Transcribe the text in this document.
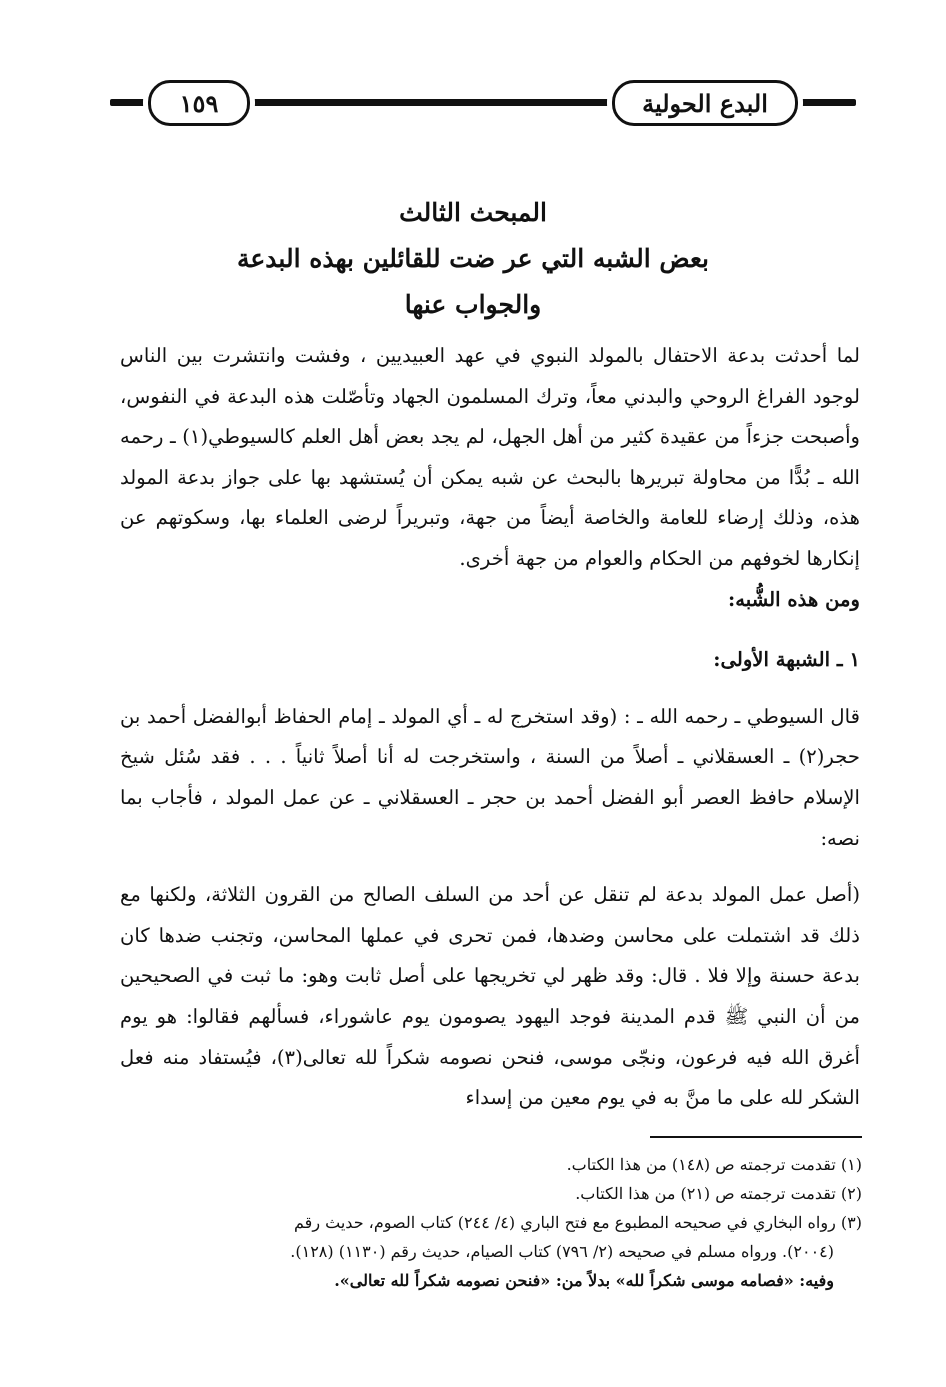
البدع الحولية
١٥٩
المبحث الثالث
بعض الشبه التي عر ضت للقائلين بهذه البدعة
والجواب عنها

لما أحدثت بدعة الاحتفال بالمولد النبوي في عهد العبيديين ، وفشت وانتشرت بين الناس لوجود الفراغ الروحي والبدني معاً، وترك المسلمون الجهاد وتأصّلت هذه البدعة في النفوس، وأصبحت جزءاً من عقيدة كثير من أهل الجهل، لم يجد بعض أهل العلم كالسيوطي(١) ـ رحمه الله ـ بُدًّا من محاولة تبريرها بالبحث عن شبه يمكن أن يُستشهد بها على جواز بدعة المولد هذه، وذلك إرضاء للعامة والخاصة أيضاً من جهة، وتبريراً لرضى العلماء بها، وسكوتهم عن إنكارها لخوفهم من الحكام والعوام من جهة أخرى.

ومن هذه الشُّبه:

١ ـ الشبهة الأولى:

قال السيوطي ـ رحمه الله ـ : (وقد استخرج له ـ أي المولد ـ إمام الحفاظ أبوالفضل أحمد بن حجر(٢) ـ العسقلاني ـ أصلاً من السنة ، واستخرجت له أنا أصلاً ثانياً . . . فقد سُئل شيخ الإسلام حافظ العصر أبو الفضل أحمد بن حجر ـ العسقلاني ـ عن عمل المولد ، فأجاب بما نصه:

(أصل عمل المولد بدعة لم تنقل عن أحد من السلف الصالح من القرون الثلاثة، ولكنها مع ذلك قد اشتملت على محاسن وضدها، فمن تحرى في عملها المحاسن، وتجنب ضدها كان بدعة حسنة وإلا فلا . قال: وقد ظهر لي تخريجها على أصل ثابت وهو: ما ثبت في الصحيحين من أن النبي ﷺ قدم المدينة فوجد اليهود يصومون يوم عاشوراء، فسألهم فقالوا: هو يوم أغرق الله فيه فرعون، ونجّى موسى، فنحن نصومه شكراً لله تعالى(٣)، فيُستفاد منه فعل الشكر لله على ما منَّ به في يوم معين من إسداء

(١) تقدمت ترجمته ص (١٤٨) من هذا الكتاب.

(٢) تقدمت ترجمته ص (٢١) من هذا الكتاب.

(٣) رواه البخاري في صحيحه المطبوع مع فتح الباري (٤/ ٢٤٤) كتاب الصوم، حديث رقم

(٢٠٠٤). ورواه مسلم في صحيحه (٢/ ٧٩٦) كتاب الصيام، حديث رقم (١١٣٠) (١٢٨).

وفيه: «فصامه موسى شكراً لله» بدلاً من: «فنحن نصومه شكراً لله تعالى».
